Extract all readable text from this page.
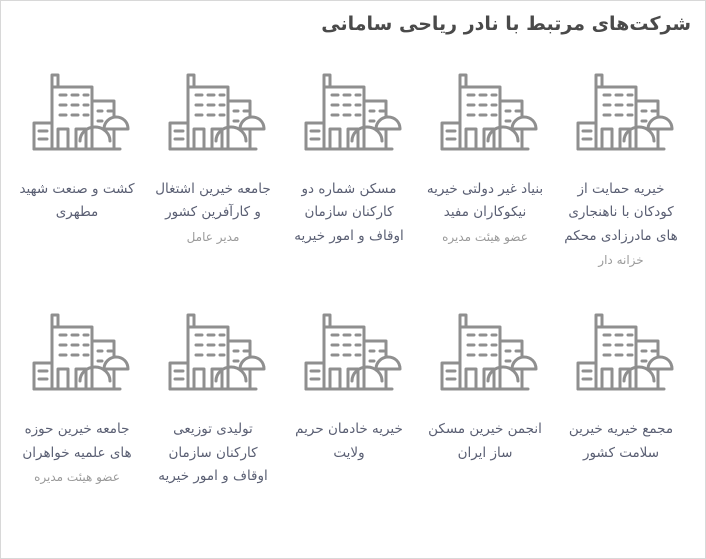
شرکت‌های مرتبط با نادر ریاحی سامانی
کشت و صنعت شهید مطهری
جامعه خیرین اشتغال و کارآفرین کشور
مدیر عامل
مسکن شماره دو کارکنان سازمان اوقاف و امور خیریه
بنیاد غیر دولتی خیریه نیکوکاران مفید
عضو هیئت مدیره
خیریه حمایت از کودکان با ناهنجاری های مادرزادی محکم
خزانه دار
جامعه خیرین حوزه های علمیه خواهران
عضو هیئت مدیره
تولیدی توزیعی کارکنان سازمان اوقاف و امور خیریه
خیریه خادمان حریم ولایت
انجمن خیرین مسکن ساز ایران
مجمع خیریه خیرین سلامت کشور
